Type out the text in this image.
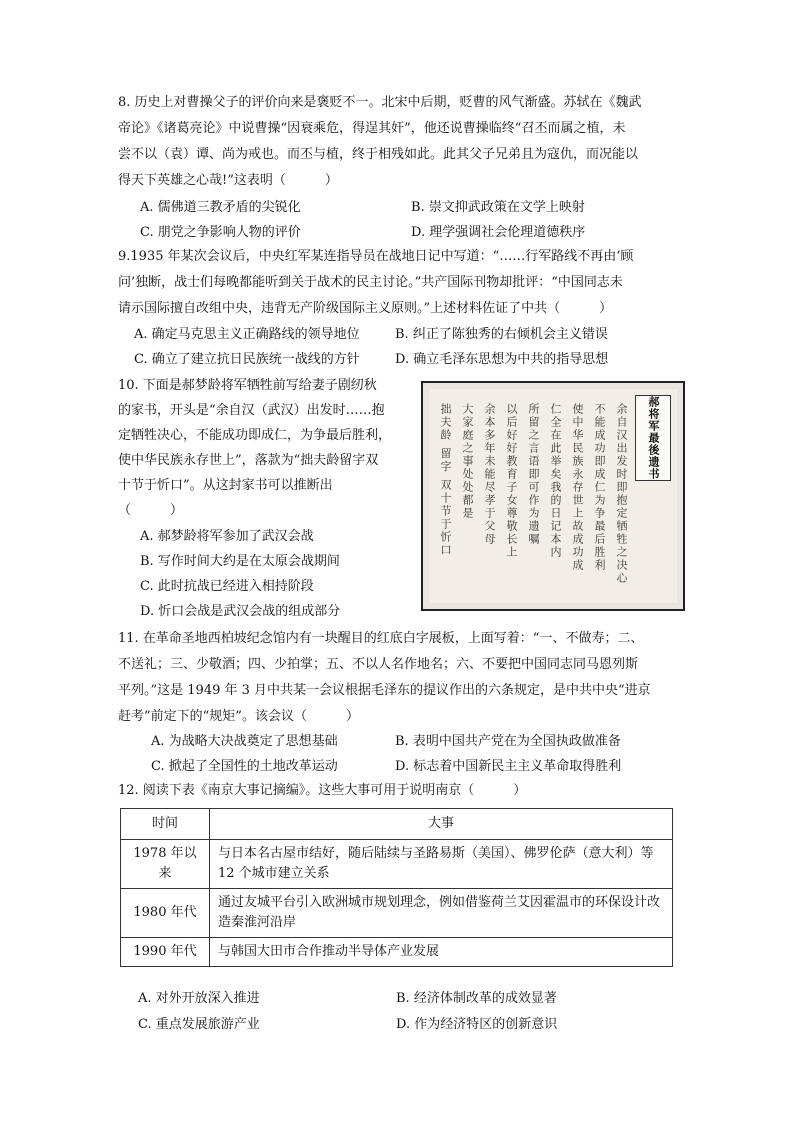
8. 历史上对曹操父子的评价向来是褒贬不一。北宋中后期，贬曹的风气渐盛。苏轼在《魏武
帝论》《诸葛亮论》中说曹操“因衰乘危，得逞其奸”，他还说曹操临终“召丕而属之植，未
尝不以（袁）谭、尚为戒也。而丕与植，终于相残如此。此其父子兄弟且为寇仇，而况能以
得天下英雄之心哉!”这表明（　　　）
A. 儒佛道三教矛盾的尖锐化	B. 崇文抑武政策在文学上映射
C. 朋党之争影响人物的评价	D. 理学强调社会伦理道德秩序
9.1935 年某次会议后，中央红军某连指导员在战地日记中写道：“……行军路线不再由‘顾
问’独断，战士们每晚都能听到关于战术的民主讨论。”共产国际刊物却批评：“中国同志未
请示国际擅自改组中央，违背无产阶级国际主义原则。”上述材料佐证了中共（　　　）
A. 确定马克思主义正确路线的领导地位	B. 纠正了陈独秀的右倾机会主义错误
C. 确立了建立抗日民族统一战线的方针	D. 确立毛泽东思想为中共的指导思想
10. 下面是郝梦龄将军牺牲前写给妻子剧纫秋
的家书，开头是“余自汉（武汉）出发时……抱
定牺牲决心，不能成功即成仁，为争最后胜利，
使中华民族永存世上”，落款为“拙夫龄留字双
十节于忻口”。从这封家书可以推断出
（　　　）
A. 郝梦龄将军参加了武汉会战
B. 写作时间大约是在太原会战期间
C. 此时抗战已经进入相持阶段
D. 忻口会战是武汉会战的组成部分
郝将军最後遗书
余自汉出发时即抱定牺牲之决心
不能成功即成仁为争最后胜利
使中华民族永存世上故成功成
仁全在此举矣我的日记本内
所留之言语即可作为遗嘱
以后好好教育子女尊敬长上
余本多年未能尽孝于父母
大家庭之事处处都是
拙夫龄 留字 双十节于忻口
11. 在革命圣地西柏坡纪念馆内有一块醒目的红底白字展板，上面写着：“一、不做寿；二、
不送礼；三、少敬酒；四、少拍掌；五、不以人名作地名；六、不要把中国同志同马恩列斯
平列。”这是 1949 年 3 月中共某一会议根据毛泽东的提议作出的六条规定，是中共中央“进京
赶考”前定下的“规矩”。该会议（　　　）
A. 为战略大决战奠定了思想基础	B. 表明中国共产党在为全国执政做准备
C. 掀起了全国性的土地改革运动	D. 标志着中国新民主主义革命取得胜利
12. 阅读下表《南京大事记摘编》。这些大事可用于说明南京（　　　）
时间	大事
1978 年以来	与日本名古屋市结好，随后陆续与圣路易斯（美国）、佛罗伦萨（意大利）等 12 个城市建立关系
1980 年代	通过友城平台引入欧洲城市规划理念，例如借鉴荷兰艾因霍温市的环保设计改造秦淮河沿岸
1990 年代	与韩国大田市合作推动半导体产业发展
A. 对外开放深入推进	B. 经济体制改革的成效显著
C. 重点发展旅游产业	D. 作为经济特区的创新意识
